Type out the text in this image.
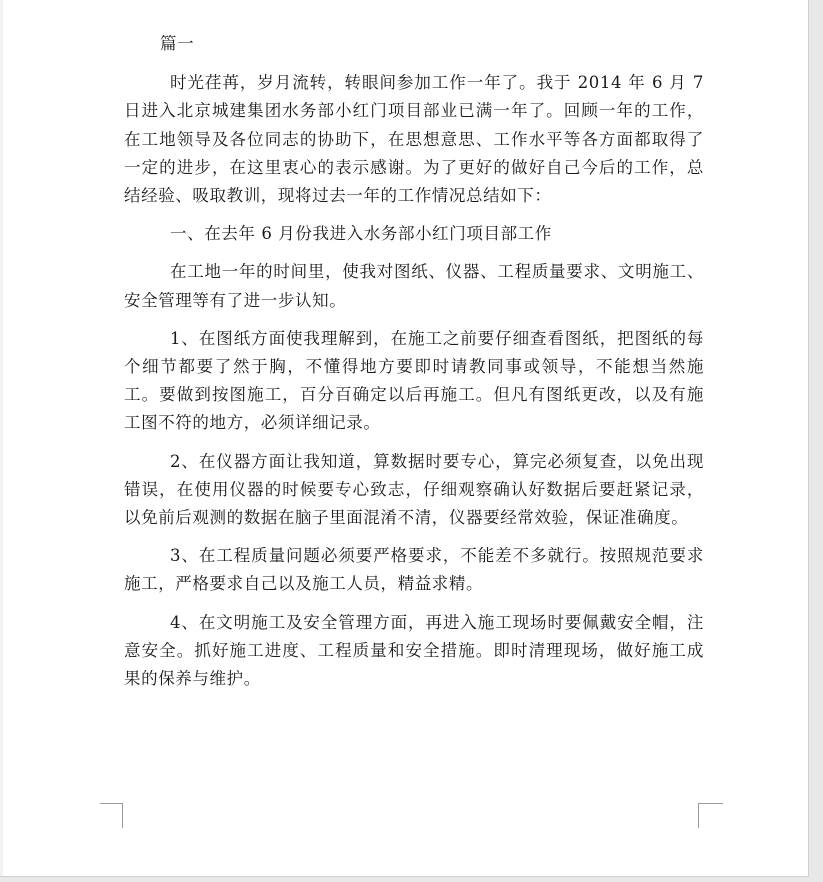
篇一

时光荏苒，岁月流转，转眼间参加工作一年了。我于 2014 年 6 月 7 日进入北京城建集团水务部小红门项目部业已满一年了。回顾一年的工作，在工地领导及各位同志的协助下，在思想意思、工作水平等各方面都取得了一定的进步，在这里衷心的表示感谢。为了更好的做好自己今后的工作，总结经验、吸取教训，现将过去一年的工作情况总结如下：

一、在去年 6 月份我进入水务部小红门项目部工作

在工地一年的时间里，使我对图纸、仪器、工程质量要求、文明施工、安全管理等有了进一步认知。

1、在图纸方面使我理解到，在施工之前要仔细查看图纸，把图纸的每个细节都要了然于胸，不懂得地方要即时请教同事或领导，不能想当然施工。要做到按图施工，百分百确定以后再施工。但凡有图纸更改，以及有施工图不符的地方，必须详细记录。

2、在仪器方面让我知道，算数据时要专心，算完必须复查，以免出现错误，在使用仪器的时候要专心致志，仔细观察确认好数据后要赶紧记录，以免前后观测的数据在脑子里面混淆不清，仪器要经常效验，保证准确度。

3、在工程质量问题必须要严格要求，不能差不多就行。按照规范要求施工，严格要求自己以及施工人员，精益求精。

4、在文明施工及安全管理方面，再进入施工现场时要佩戴安全帽，注意安全。抓好施工进度、工程质量和安全措施。即时清理现场，做好施工成果的保养与维护。
